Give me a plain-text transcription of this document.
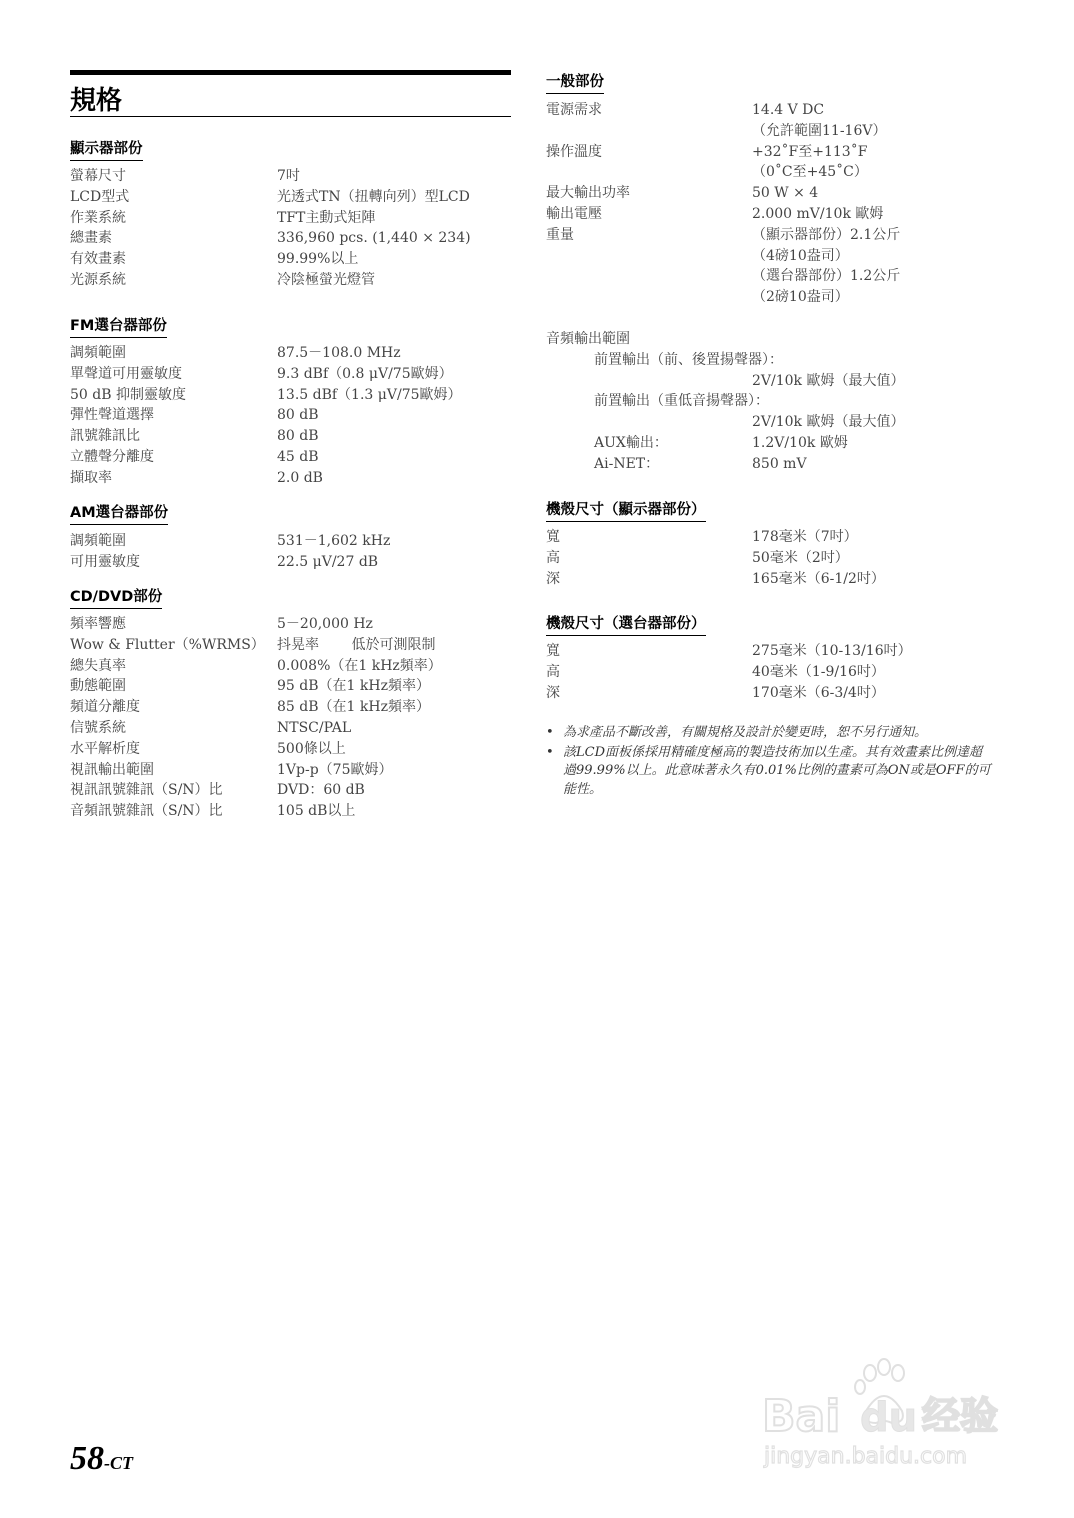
規格
顯示器部份
螢幕尺寸	7吋
LCD型式	光透式TN（扭轉向列）型LCD
作業系統	TFT主動式矩陣
總畫素	336,960 pcs. (1,440 × 234)
有效畫素	99.99%以上
光源系統	冷陰極螢光燈管
FM選台器部份
調頻範圍	87.5－108.0 MHz
單聲道可用靈敏度	9.3 dBf（0.8 μV/75歐姆）
50 dB 抑制靈敏度	13.5 dBf（1.3 μV/75歐姆）
彈性聲道選擇	80 dB
訊號雜訊比	80 dB
立體聲分離度	45 dB
擷取率	2.0 dB
AM選台器部份
調頻範圍	531－1,602 kHz
可用靈敏度	22.5 μV/27 dB
CD/DVD部份
頻率響應	5－20,000 Hz
Wow & Flutter（%WRMS） 抖晃率　　 低於可測限制
總失真率	0.008%（在1 kHz頻率）
動態範圍	95 dB（在1 kHz頻率）
頻道分離度	85 dB（在1 kHz頻率）
信號系統	NTSC/PAL
水平解析度	500條以上
視訊輸出範圍	1Vp-p（75歐姆）
視訊訊號雜訊（S/N）比	DVD：60 dB
音頻訊號雜訊（S/N）比	105 dB以上
一般部份
電源需求	14.4 V DC
（允許範圍11-16V）
操作溫度	+32˚F至+113˚F
（0˚C至+45˚C）
最大輸出功率	50 W × 4
輸出電壓	2.000 mV/10k 歐姆
重量	（顯示器部份）2.1公斤
（4磅10盎司）
（選台器部份）1.2公斤
（2磅10盎司）
音頻輸出範圍
前置輸出（前、後置揚聲器）：
2V/10k 歐姆（最大值）
前置輸出（重低音揚聲器）：
2V/10k 歐姆（最大值）
AUX輸出：	1.2V/10k 歐姆
Ai-NET：	850 mV
機殼尺寸（顯示器部份）
寬	178毫米（7吋）
高	50毫米（2吋）
深	165毫米（6-1/2吋）
機殼尺寸（選台器部份）
寬	275毫米（10-13/16吋）
高	40毫米（1-9/16吋）
深	170毫米（6-3/4吋）
• 為求產品不斷改善，有關規格及設計於變更時，恕不另行通知。
• 該LCD面板係採用精確度極高的製造技術加以生產。其有效畫素比例達超過99.99%以上。此意味著永久有0.01%比例的畫素可為ON或是OFF的可能性。
58-CT
Bai du 经验
jingyan.baidu.com
